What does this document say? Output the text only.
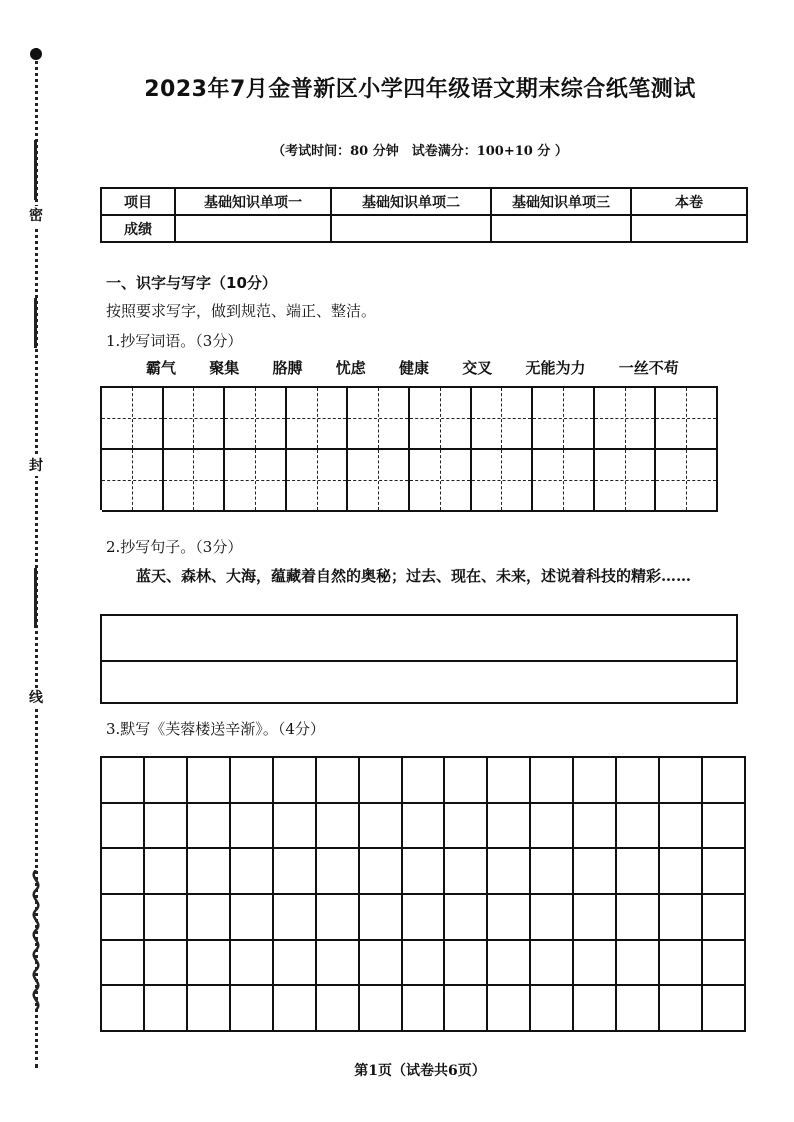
密
封
线
2023年7月金普新区小学四年级语文期末综合纸笔测试
（考试时间：80 分钟　试卷满分：100+10 分 ）
项目	基础知识单项一	基础知识单项二	基础知识单项三	本卷
成绩				
一、识字与写字（10分）
按照要求写字，做到规范、端正、整洁。
1.抄写词语。（3分）
霸气 聚集 胳膊 忧虑 健康 交叉 无能为力 一丝不苟
2.抄写句子。（3分）
蓝天、森林、大海，蕴藏着自然的奥秘；过去、现在、未来，述说着科技的精彩……
3.默写《芙蓉楼送辛渐》。（4分）
第1页（试卷共6页）
